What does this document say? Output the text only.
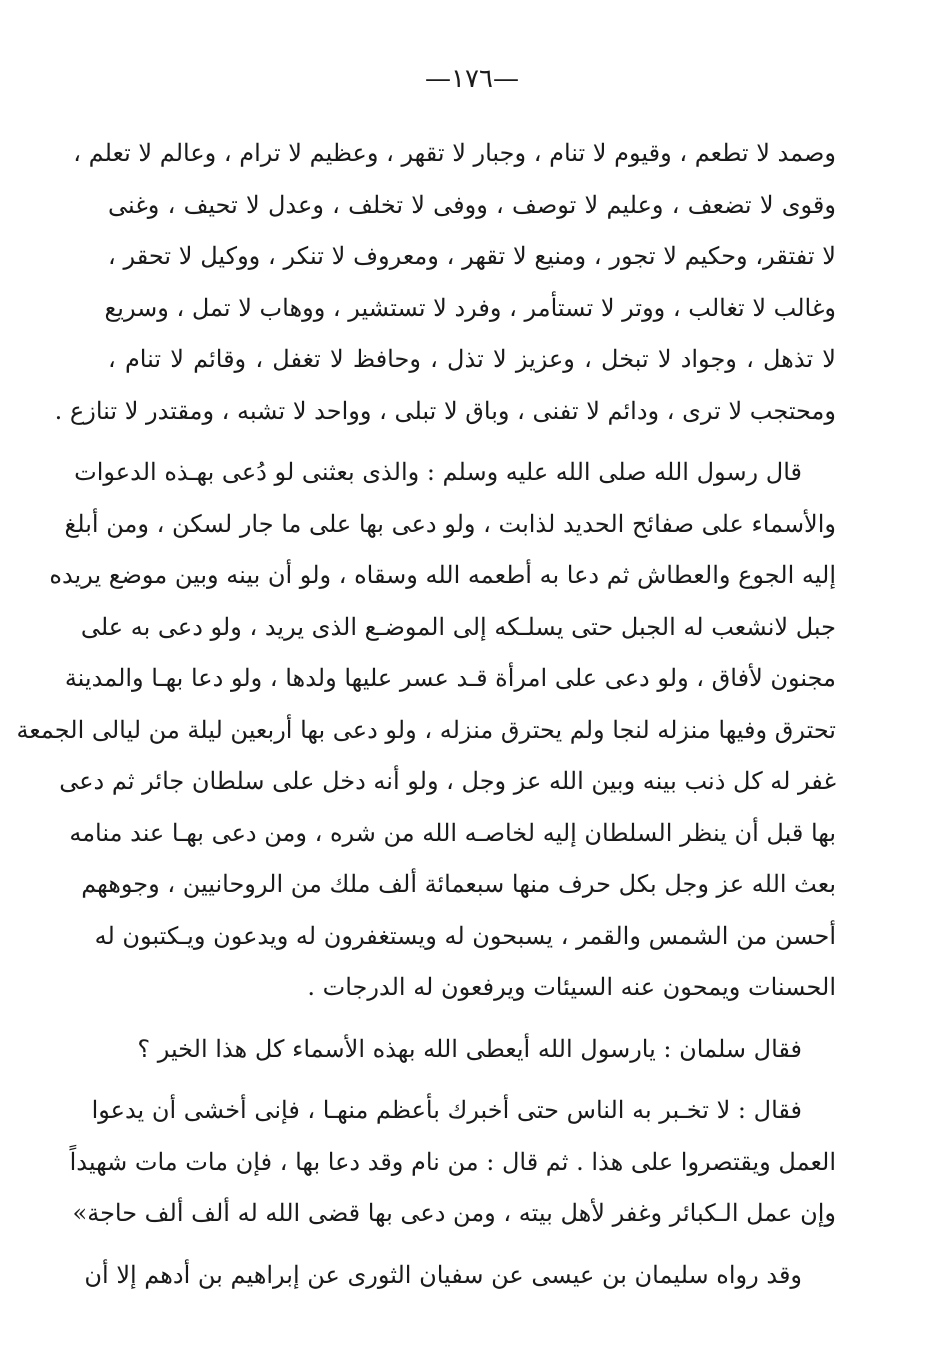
—١٧٦—
وصمد لا تطعم ، وقيوم لا تنام ، وجبار لا تقهر ، وعظيم لا ترام ، وعالم لا تعلم ،
وقوى لا تضعف ، وعليم لا توصف ، ووفى لا تخلف ، وعدل لا تحيف ، وغنى
لا تفتقر، وحكيم لا تجور ، ومنيع لا تقهر ، ومعروف لا تنكر ، ووكيل لا تحقر ،
وغالب لا تغالب ، ووتر لا تستأمر ، وفرد لا تستشير ، ووهاب لا تمل ، وسريع
لا تذهل ، وجواد لا تبخل ، وعزيز لا تذل ، وحافظ لا تغفل ، وقائم لا تنام ،
ومحتجب لا ترى ، ودائم لا تفنى ، وباق لا تبلى ، وواحد لا تشبه ، ومقتدر لا تنازع .
قال رسول الله صلى الله عليه وسلم : والذى بعثنى لو دُعى بهـذه الدعوات
والأسماء على صفائح الحديد لذابت ، ولو دعى بها على ما جار لسكن ، ومن أبلغ
إليه الجوع والعطاش ثم دعا به أطعمه الله وسقاه ، ولو أن بينه وبين موضع يريده
جبل لانشعب له الجبل حتى يسلـكه إلى الموضـع الذى يريد ، ولو دعى به على
مجنون لأفاق ، ولو دعى على امرأة قـد عسر عليها ولدها ، ولو دعا بهـا والمدينة
تحترق وفيها منزله لنجا ولم يحترق منزله ، ولو دعى بها أربعين ليلة من ليالى الجمعة
غفر له كل ذنب بينه وبين الله عز وجل ، ولو أنه دخل على سلطان جائر ثم دعى
بها قبل أن ينظر السلطان إليه لخاصـه الله من شره ، ومن دعى بهـا عند منامه
بعث الله عز وجل بكل حرف منها سبعمائة ألف ملك من الروحانيين ، وجوههم
أحسن من الشمس والقمر ، يسبحون له ويستغفرون له ويدعون ويـكتبون له
الحسنات ويمحون عنه السيئات ويرفعون له الدرجات .
فقال سلمان : يارسول الله أيعطى الله بهذه الأسماء كل هذا الخير ؟
فقال : لا تخـبر به الناس حتى أخبرك بأعظم منهـا ، فإنى أخشى أن يدعوا
العمل ويقتصروا على هذا . ثم قال : من نام وقد دعا بها ، فإن مات مات شهيداً
وإن عمل الـكبائر وغفر لأهل بيته ، ومن دعى بها قضى الله له ألف ألف حاجة»
وقد رواه سليمان بن عيسى عن سفيان الثورى عن إبراهيم بن أدهم إلا أن
